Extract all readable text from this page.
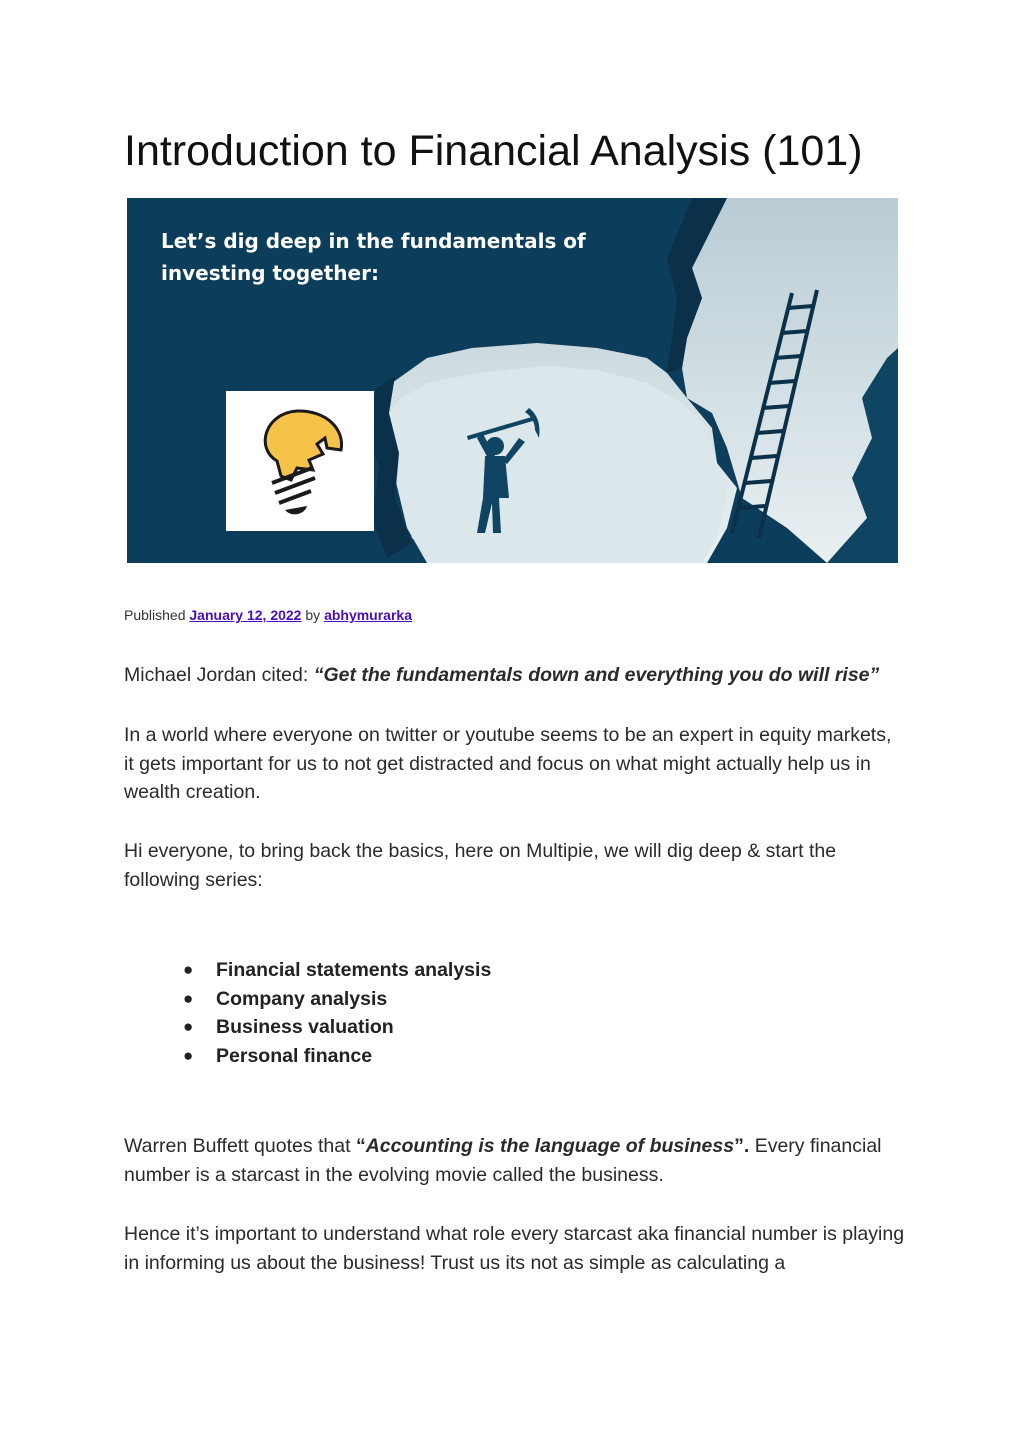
Introduction to Financial Analysis (101)
Let’s dig deep in the fundamentals of
investing together:
Published January 12, 2022 by abhymurarka

Michael Jordan cited: “Get the fundamentals down and everything you do will rise”

In a world where everyone on twitter or youtube seems to be an expert in equity markets, it gets important for us to not get distracted and focus on what might actually help us in wealth creation.

Hi everyone, to bring back the basics, here on Multipie, we will dig deep & start the following series:

● Financial statements analysis
● Company analysis
● Business valuation
● Personal finance

Warren Buffett quotes that “Accounting is the language of business”. Every financial number is a starcast in the evolving movie called the business.

Hence it’s important to understand what role every starcast aka financial number is playing in informing us about the business! Trust us its not as simple as calculating a
